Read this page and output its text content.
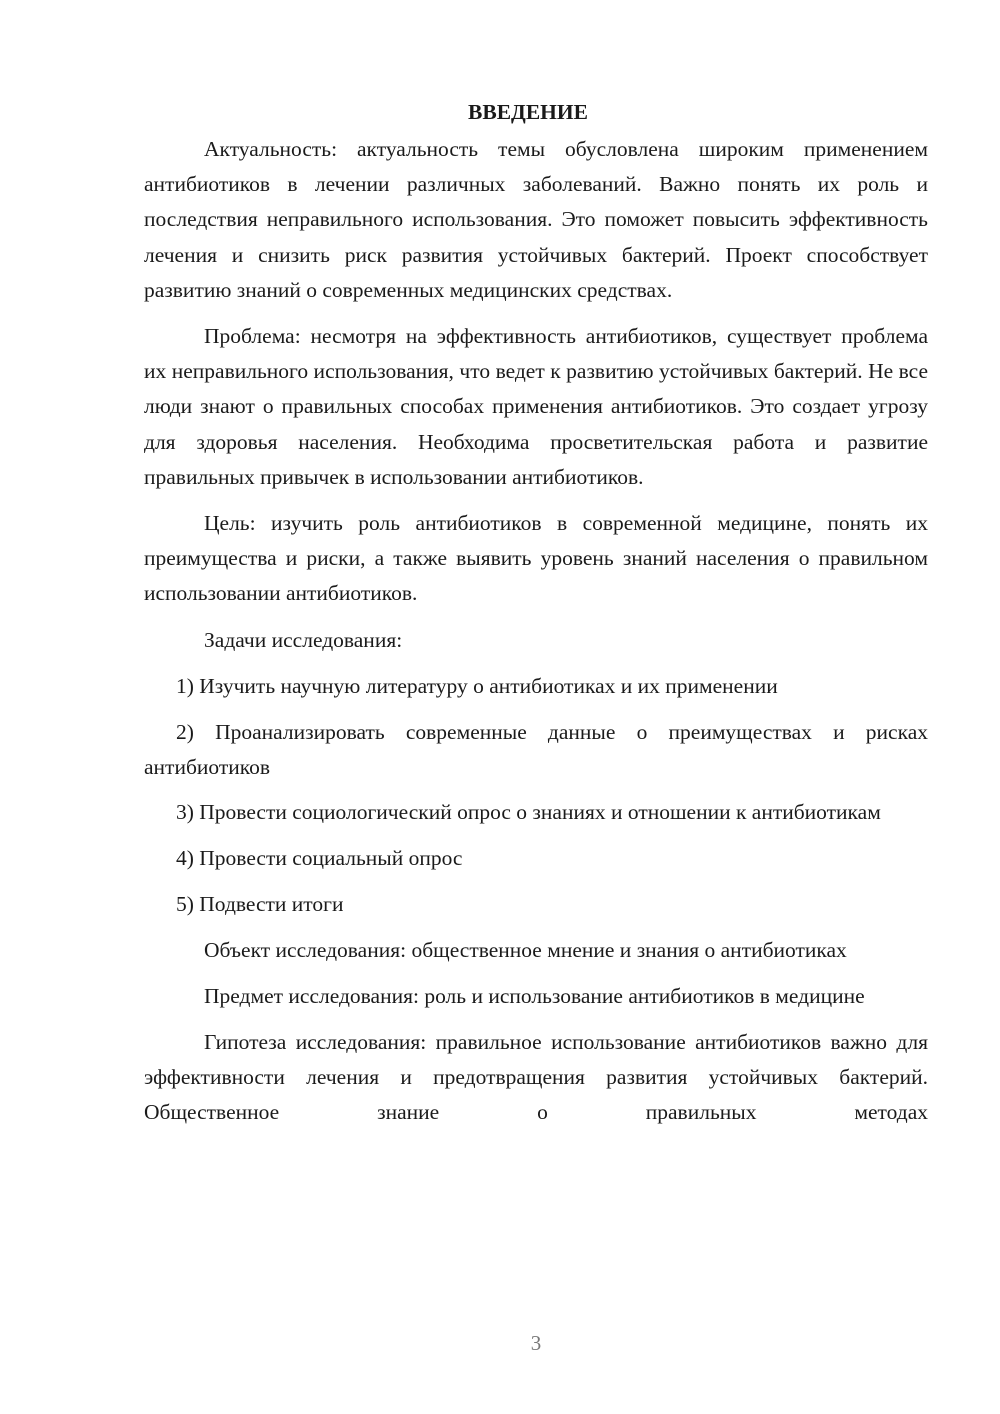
ВВЕДЕНИЕ

Актуальность: актуальность темы обусловлена широким применением антибиотиков в лечении различных заболеваний. Важно понять их роль и последствия неправильного использования. Это поможет повысить эффективность лечения и снизить риск развития устойчивых бактерий. Проект способствует развитию знаний о современных медицинских средствах.

Проблема: несмотря на эффективность антибиотиков, существует проблема их неправильного использования, что ведет к развитию устойчивых бактерий. Не все люди знают о правильных способах применения антибиотиков. Это создает угрозу для здоровья населения. Необходима просветительская работа и развитие правильных привычек в использовании антибиотиков.

Цель: изучить роль антибиотиков в современной медицине, понять их преимущества и риски, а также выявить уровень знаний населения о правильном использовании антибиотиков.

Задачи исследования:

1) Изучить научную литературу о антибиотиках и их применении

2) Проанализировать современные данные о преимуществах и рисках антибиотиков

3) Провести социологический опрос о знаниях и отношении к антибиотикам

4) Провести социальный опрос

5) Подвести итоги

Объект исследования: общественное мнение и знания о антибиотиках

Предмет исследования: роль и использование антибиотиков в медицине

Гипотеза исследования: правильное использование антибиотиков важно для эффективности лечения и предотвращения развития устойчивых бактерий. Общественное знание о правильных методах

3
